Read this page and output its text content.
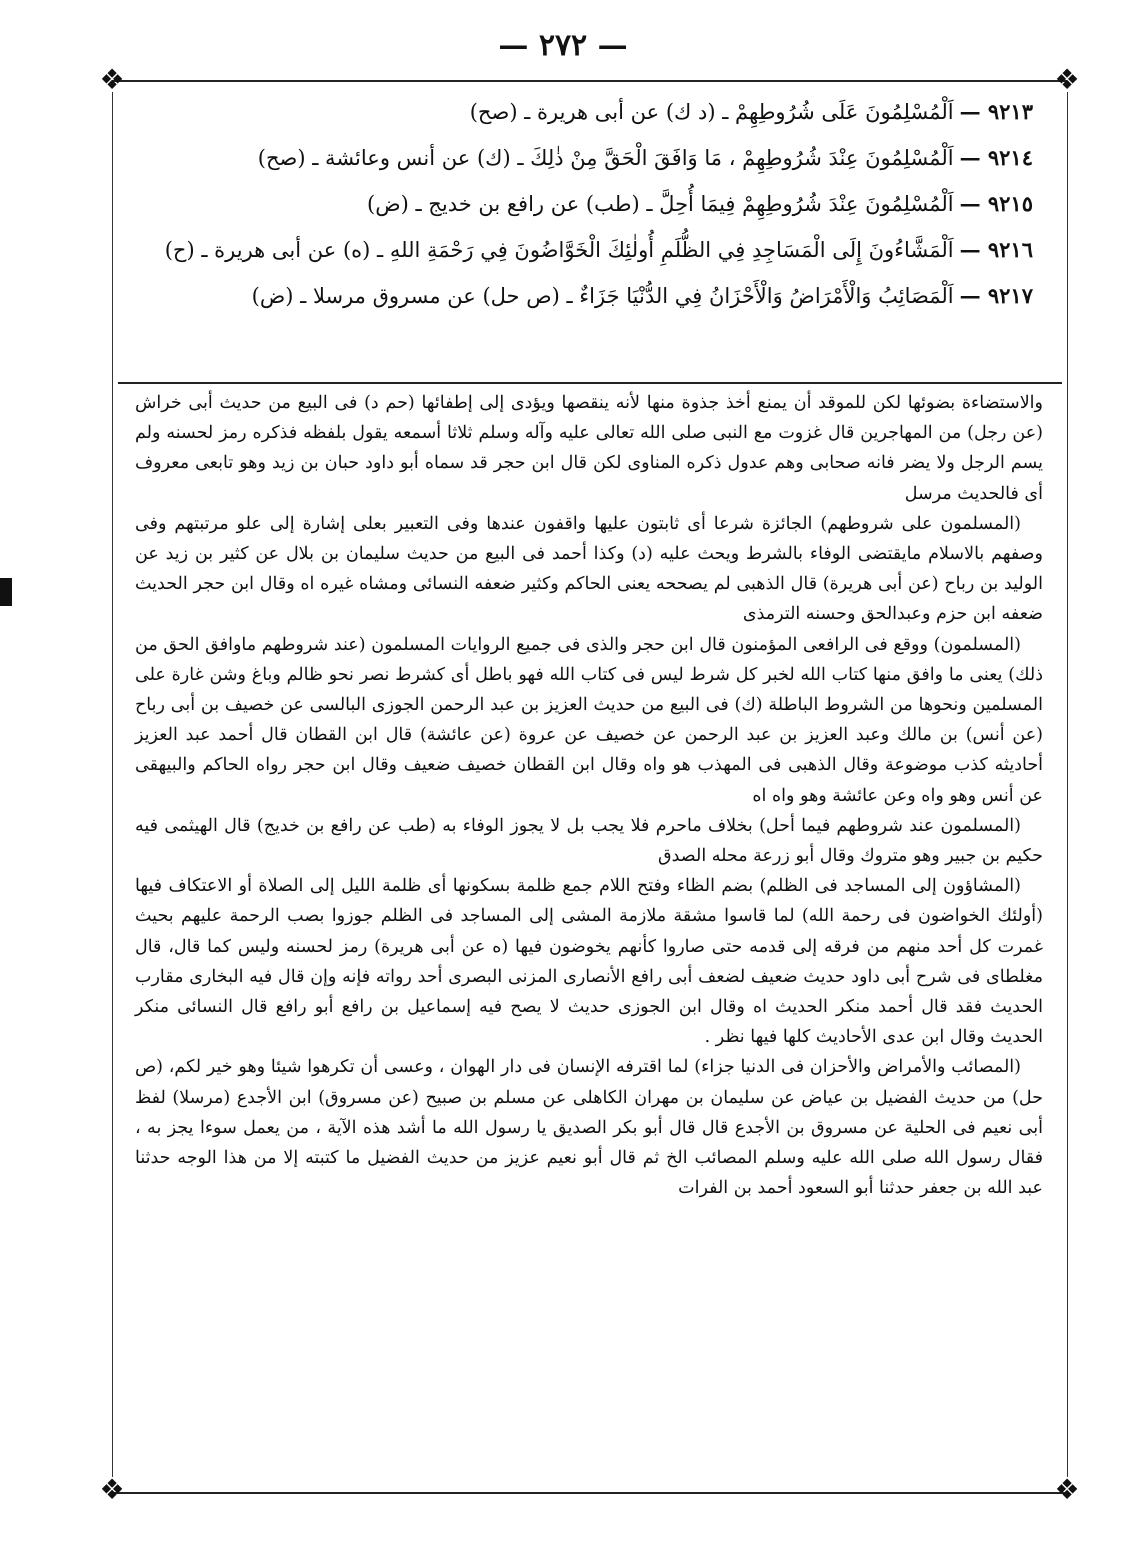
— ٢٧٢ —
❖	❖
❖	❖
٩٢١٣ —اَلْمُسْلِمُونَ عَلَى شُرُوطِهِمْ ـ (د ك) عن أبى هريرة ـ (صح)
٩٢١٤ —اَلْمُسْلِمُونَ عِنْدَ شُرُوطِهِمْ ، مَا وَافَقَ الْحَقَّ مِنْ ذٰلِكَ ـ (ك) عن أنس وعائشة ـ (صح)
٩٢١٥ —اَلْمُسْلِمُونَ عِنْدَ شُرُوطِهِمْ فِيمَا أُحِلَّ ـ (طب) عن رافع بن خديج ـ (ض)
٩٢١٦ —اَلْمَشَّاءُونَ إِلَى الْمَسَاجِدِ فِي الظُّلَمِ أُولٰئِكَ الْخَوَّاضُونَ فِي رَحْمَةِ اللهِ ـ (ه) عن أبى هريرة ـ (ح)
٩٢١٧ —اَلْمَصَائِبُ وَالْأَمْرَاضُ وَالْأَحْزَانُ فِي الدُّنْيَا جَزَاءٌ ـ (ص حل) عن مسروق مرسلا ـ (ض)

والاستضاءة بضوئها لكن للموقد أن يمنع أخذ جذوة منها لأنه ينقصها ويؤدى إلى إطفائها (حم د) فى البيع من حديث أبى خراش (عن رجل) من المهاجرين قال غزوت مع النبى صلى الله تعالى عليه وآله وسلم ثلاثا أسمعه يقول بلفظه فذكره رمز لحسنه ولم يسم الرجل ولا يضر فانه صحابى وهم عدول ذكره المناوى لكن قال ابن حجر قد سماه أبو داود حبان بن زيد وهو تابعى معروف أى فالحديث مرسل

(المسلمون على شروطهم) الجائزة شرعا أى ثابتون عليها واقفون عندها وفى التعبير بعلى إشارة إلى علو مرتبتهم وفى وصفهم بالاسلام مايقتضى الوفاء بالشرط ويحث عليه (د) وكذا أحمد فى البيع من حديث سليمان بن بلال عن كثير بن زيد عن الوليد بن رباح (عن أبى هريرة) قال الذهبى لم يصححه يعنى الحاكم وكثير ضعفه النسائى ومشاه غيره اه وقال ابن حجر الحديث ضعفه ابن حزم وعبدالحق وحسنه الترمذى

(المسلمون) ووقع فى الرافعى المؤمنون قال ابن حجر والذى فى جميع الروايات المسلمون (عند شروطهم ماوافق الحق من ذلك) يعنى ما وافق منها كتاب الله لخبر كل شرط ليس فى كتاب الله فهو باطل أى كشرط نصر نحو ظالم وباغ وشن غارة على المسلمين ونحوها من الشروط الباطلة (ك) فى البيع من حديث العزيز بن عبد الرحمن الجوزى البالسى عن خصيف بن أبى رباح (عن أنس) بن مالك وعبد العزيز بن عبد الرحمن عن خصيف عن عروة (عن عائشة) قال ابن القطان قال أحمد عبد العزيز أحاديثه كذب موضوعة وقال الذهبى فى المهذب هو واه وقال ابن القطان خصيف ضعيف وقال ابن حجر رواه الحاكم والبيهقى عن أنس وهو واه وعن عائشة وهو واه اه

(المسلمون عند شروطهم فيما أحل) بخلاف ماحرم فلا يجب بل لا يجوز الوفاء به (طب عن رافع بن خديج) قال الهيثمى فيه حكيم بن جبير وهو متروك وقال أبو زرعة محله الصدق

(المشاؤون إلى المساجد فى الظلم) بضم الظاء وفتح اللام جمع ظلمة بسكونها أى ظلمة الليل إلى الصلاة أو الاعتكاف فيها (أولئك الخواضون فى رحمة الله) لما قاسوا مشقة ملازمة المشى إلى المساجد فى الظلم جوزوا بصب الرحمة عليهم بحيث غمرت كل أحد منهم من فرقه إلى قدمه حتى صاروا كأنهم يخوضون فيها (ه عن أبى هريرة) رمز لحسنه وليس كما قال، قال مغلطاى فى شرح أبى داود حديث ضعيف لضعف أبى رافع الأنصارى المزنى البصرى أحد رواته فإنه وإن قال فيه البخارى مقارب الحديث فقد قال أحمد منكر الحديث اه وقال ابن الجوزى حديث لا يصح فيه إسماعيل بن رافع أبو رافع قال النسائى منكر الحديث وقال ابن عدى الأحاديث كلها فيها نظر .

(المصائب والأمراض والأحزان فى الدنيا جزاء) لما اقترفه الإنسان فى دار الهوان ، وعسى أن تكرهوا شيئا وهو خير لكم، (ص حل) من حديث الفضيل بن عياض عن سليمان بن مهران الكاهلى عن مسلم بن صبيح (عن مسروق) ابن الأجدع (مرسلا) لفظ أبى نعيم فى الحلية عن مسروق بن الأجدع قال قال أبو بكر الصديق يا رسول الله ما أشد هذه الآية ، من يعمل سوءا يجز به ، فقال رسول الله صلى الله عليه وسلم المصائب الخ ثم قال أبو نعيم عزيز من حديث الفضيل ما كتبته إلا من هذا الوجه حدثنا عبد الله بن جعفر حدثنا أبو السعود أحمد بن الفرات
